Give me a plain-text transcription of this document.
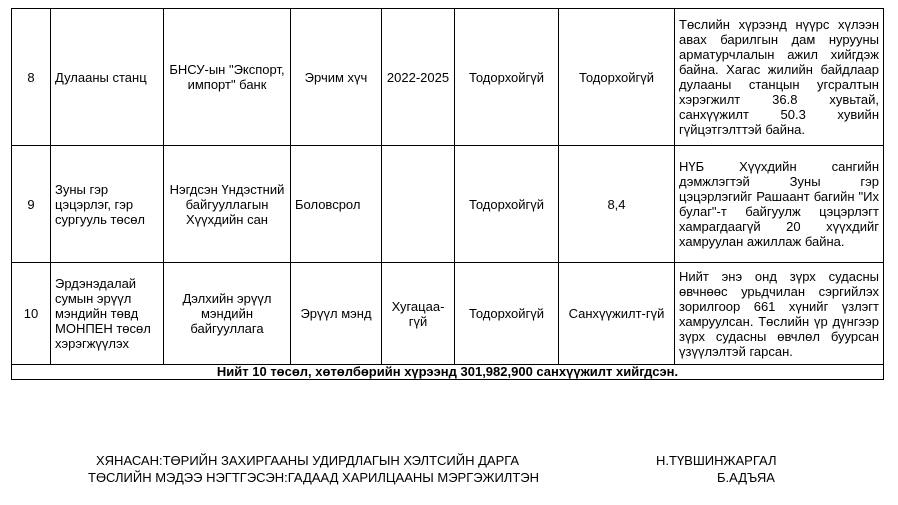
8	Дулааны станц	БНСУ-ын "Экспорт, импорт" банк	Эрчим хүч	2022-2025	Тодорхойгүй	Тодорхойгүй	Төслийн хүрээнд нүүрс хүлээн авах барилгын дам нурууны арматурчлалын ажил хийгдэж байна. Хагас жилийн байдлаар дулааны станцын угсралтын хэрэгжилт 36.8 хувьтай, санхүүжилт 50.3 хувийн гүйцэтгэлттэй байна.
9	Зуны гэр цэцэрлэг, гэр сургууль төсөл	Нэгдсэн Үндэстний байгууллагын Хүүхдийн сан	Боловсрол		Тодорхойгүй	8,4	НҮБ Хүүхдийн сангийн дэмжлэгтэй Зуны гэр цэцэрлэгийг Рашаант багийн "Их булаг"-т байгуулж цэцэрлэгт хамрагдаагүй 20 хүүхдийг хамруулан ажиллаж байна.
10	Эрдэнэдалай сумын эрүүл мэндийн төвд МОНПЕН төсөл хэрэгжүүлэх	Дэлхийн эрүүл мэндийн байгууллага	Эрүүл мэнд	Хугацаа-гүй	Тодорхойгүй	Санхүүжилт-гүй	Нийт энэ онд зүрх судасны өвчнөөс урьдчилан сэргийлэх зорилгоор 661 хүнийг үзлэгт хамруулсан. Төслийн үр дүнгээр зүрх судасны өвчлөл буурсан үзүүлэлтэй гарсан.
Нийт 10 төсөл, хөтөлбөрийн хүрээнд 301,982,900 санхүүжилт хийгдсэн.							
ХЯНАСАН:ТӨРИЙН ЗАХИРГААНЫ УДИРДЛАГЫН ХЭЛТСИЙН ДАРГА	Н.ТҮВШИНЖАРГАЛ
ТӨСЛИЙН МЭДЭЭ НЭГТГЭСЭН:ГАДААД ХАРИЛЦААНЫ МЭРГЭЖИЛТЭН	Б.АДЪЯА
